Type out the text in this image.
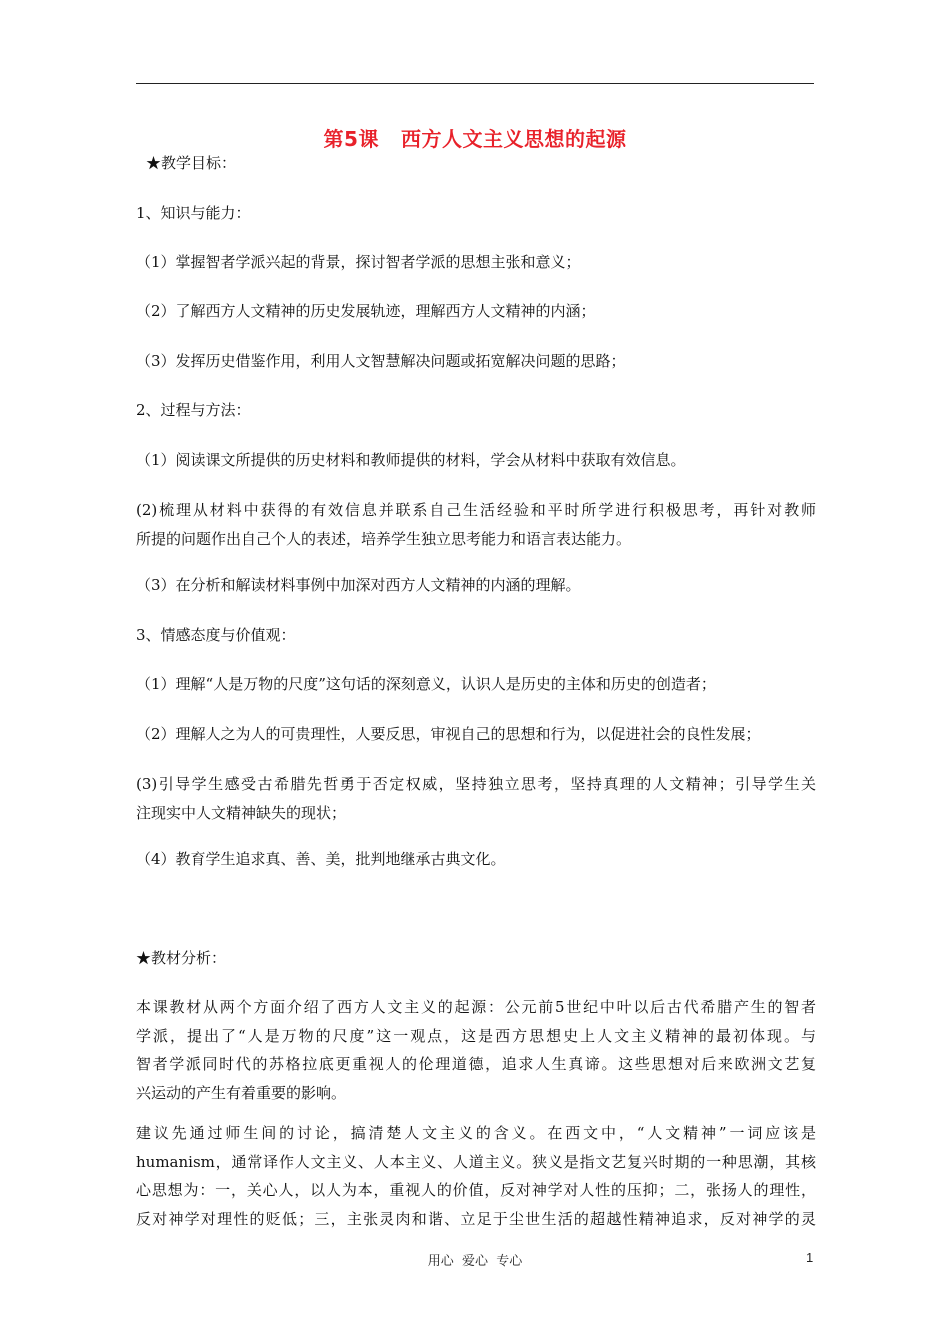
第5课 西方人文主义思想的起源
★教学目标：
1、知识与能力：
（1）掌握智者学派兴起的背景，探讨智者学派的思想主张和意义；
（2）了解西方人文精神的历史发展轨迹，理解西方人文精神的内涵；
（3）发挥历史借鉴作用，利用人文智慧解决问题或拓宽解决问题的思路；
2、过程与方法：
（1）阅读课文所提供的历史材料和教师提供的材料，学会从材料中获取有效信息。
(2)梳理从材料中获得的有效信息并联系自己生活经验和平时所学进行积极思考，再针对教师
所提的问题作出自己个人的表述，培养学生独立思考能力和语言表达能力。
（3）在分析和解读材料事例中加深对西方人文精神的内涵的理解。
3、情感态度与价值观：
（1）理解“人是万物的尺度”这句话的深刻意义，认识人是历史的主体和历史的创造者；
（2）理解人之为人的可贵理性，人要反思，审视自己的思想和行为，以促进社会的良性发展；
(3)引导学生感受古希腊先哲勇于否定权威，坚持独立思考，坚持真理的人文精神；引导学生关
注现实中人文精神缺失的现状；
（4）教育学生追求真、善、美，批判地继承古典文化。
★教材分析：
本课教材从两个方面介绍了西方人文主义的起源：公元前5世纪中叶以后古代希腊产生的智者
学派，提出了“人是万物的尺度”这一观点，这是西方思想史上人文主义精神的最初体现。与
智者学派同时代的苏格拉底更重视人的伦理道德，追求人生真谛。这些思想对后来欧洲文艺复
兴运动的产生有着重要的影响。
建议先通过师生间的讨论，搞清楚人文主义的含义。在西文中，“人文精神”一词应该是
humanism，通常译作人文主义、人本主义、人道主义。狭义是指文艺复兴时期的一种思潮，其核
心思想为：一，关心人，以人为本，重视人的价值，反对神学对人性的压抑；二，张扬人的理性，
反对神学对理性的贬低；三，主张灵肉和谐、立足于尘世生活的超越性精神追求，反对神学的灵
用心  爱心  专心	1
